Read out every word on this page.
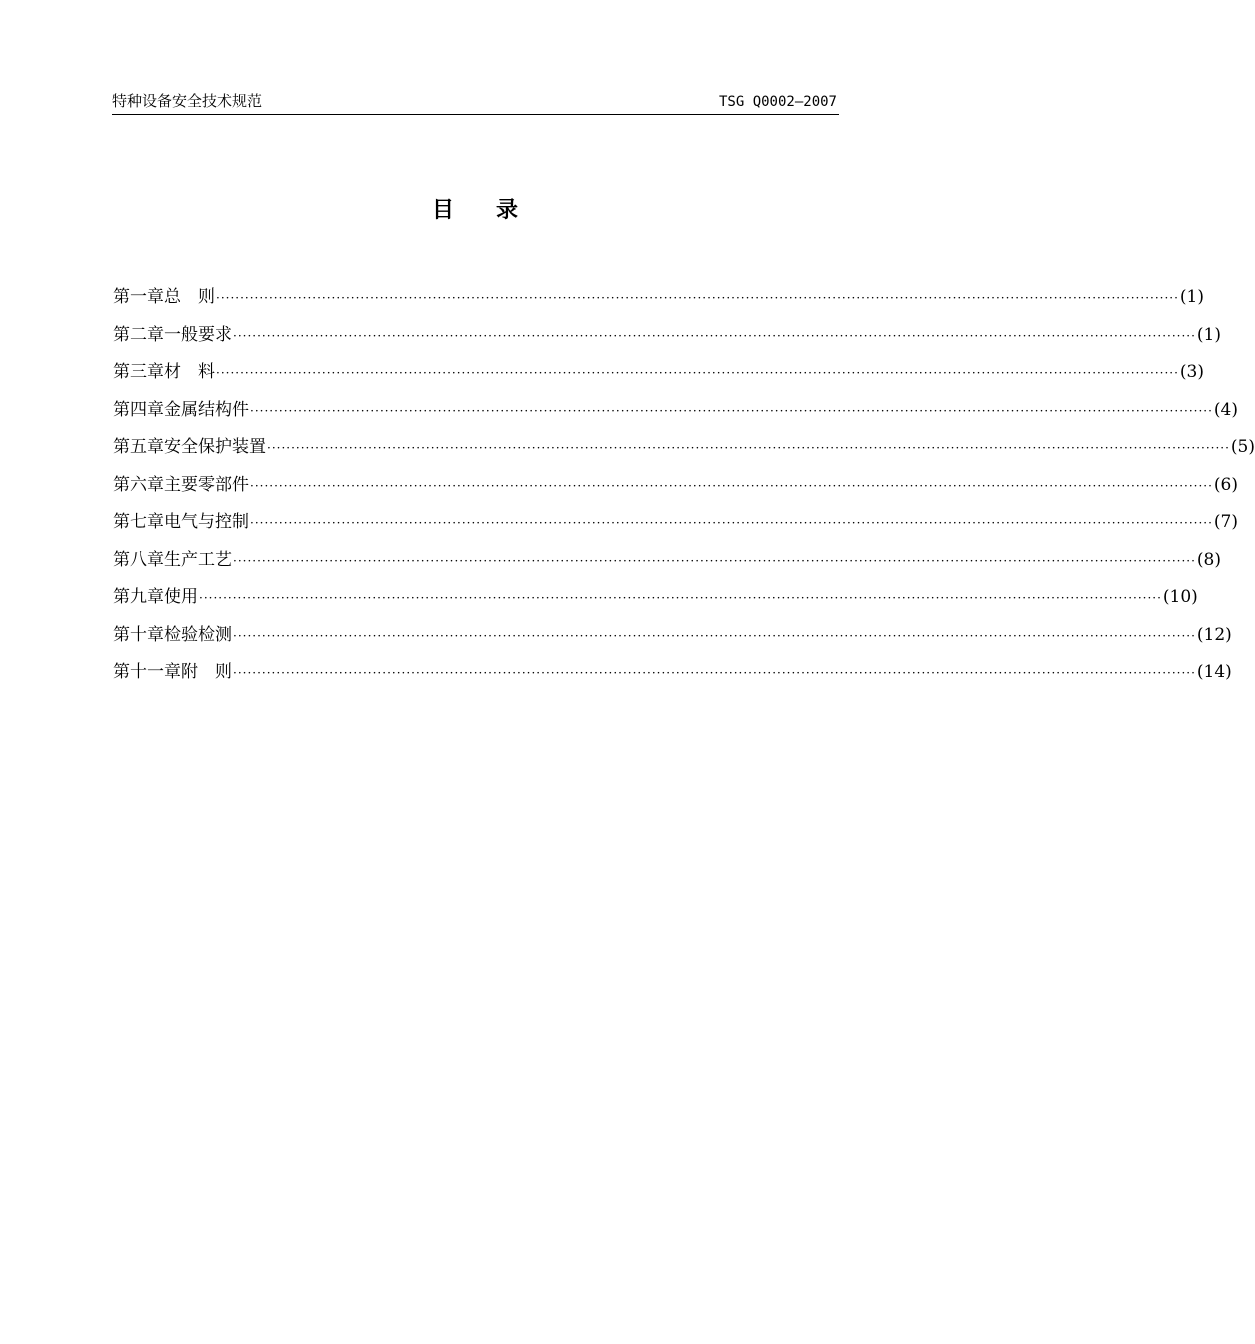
特种设备安全技术规范	TSG Q0002—2007
目录
第一章 总　则 ········································································································································································································ (1)
第二章 一般要求 ········································································································································································································ (1)
第三章 材　料 ········································································································································································································ (3)
第四章 金属结构件 ········································································································································································································ (4)
第五章 安全保护装置 ········································································································································································································ (5)
第六章 主要零部件 ········································································································································································································ (6)
第七章 电气与控制 ········································································································································································································ (7)
第八章 生产工艺 ········································································································································································································ (8)
第九章 使用 ········································································································································································································ (10)
第十章 检验检测 ········································································································································································································ (12)
第十一章 附　则 ········································································································································································································ (14)
